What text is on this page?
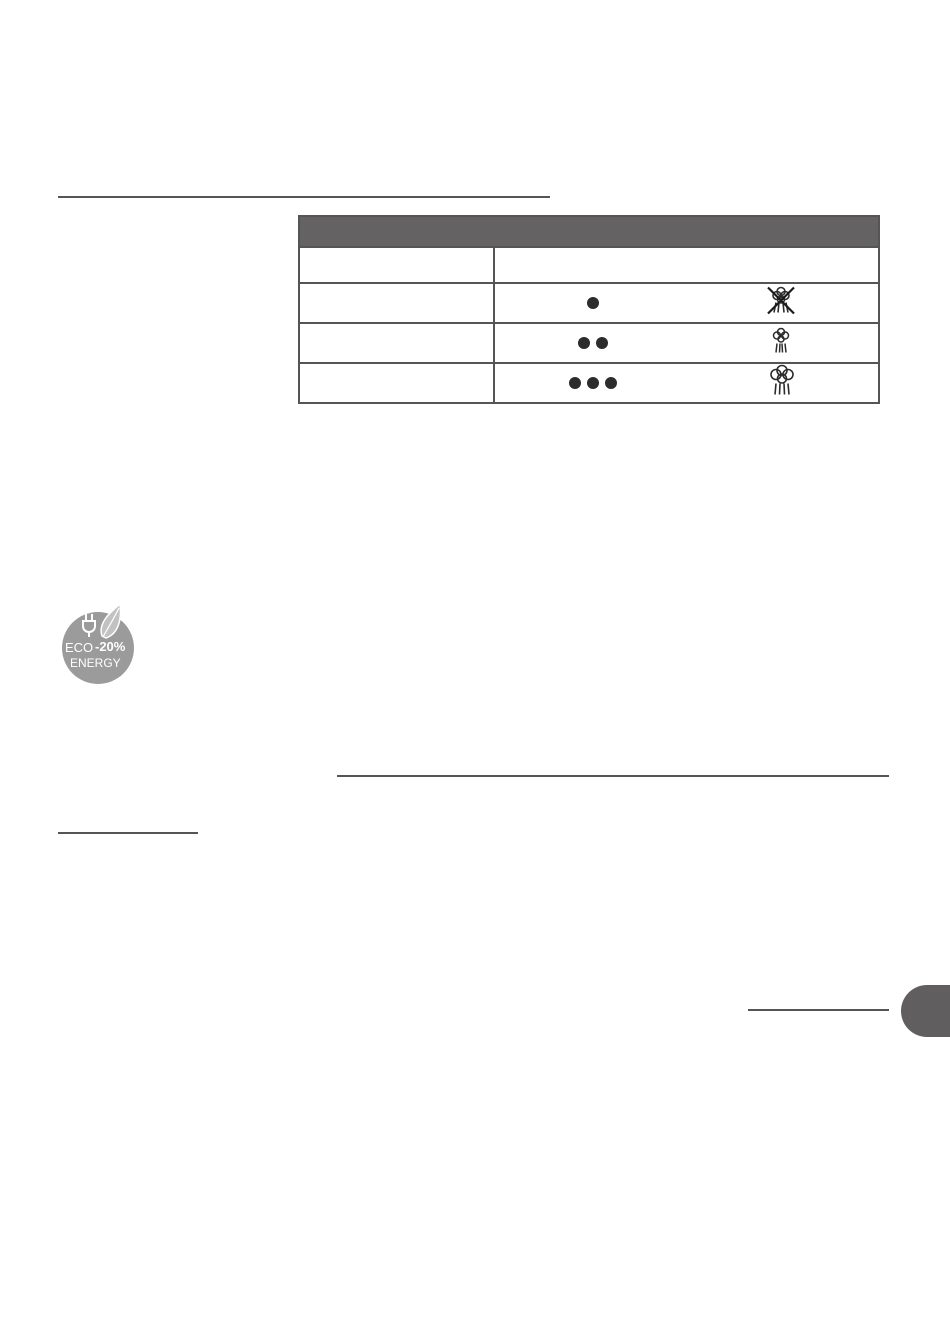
ECO -20%
ENERGY
